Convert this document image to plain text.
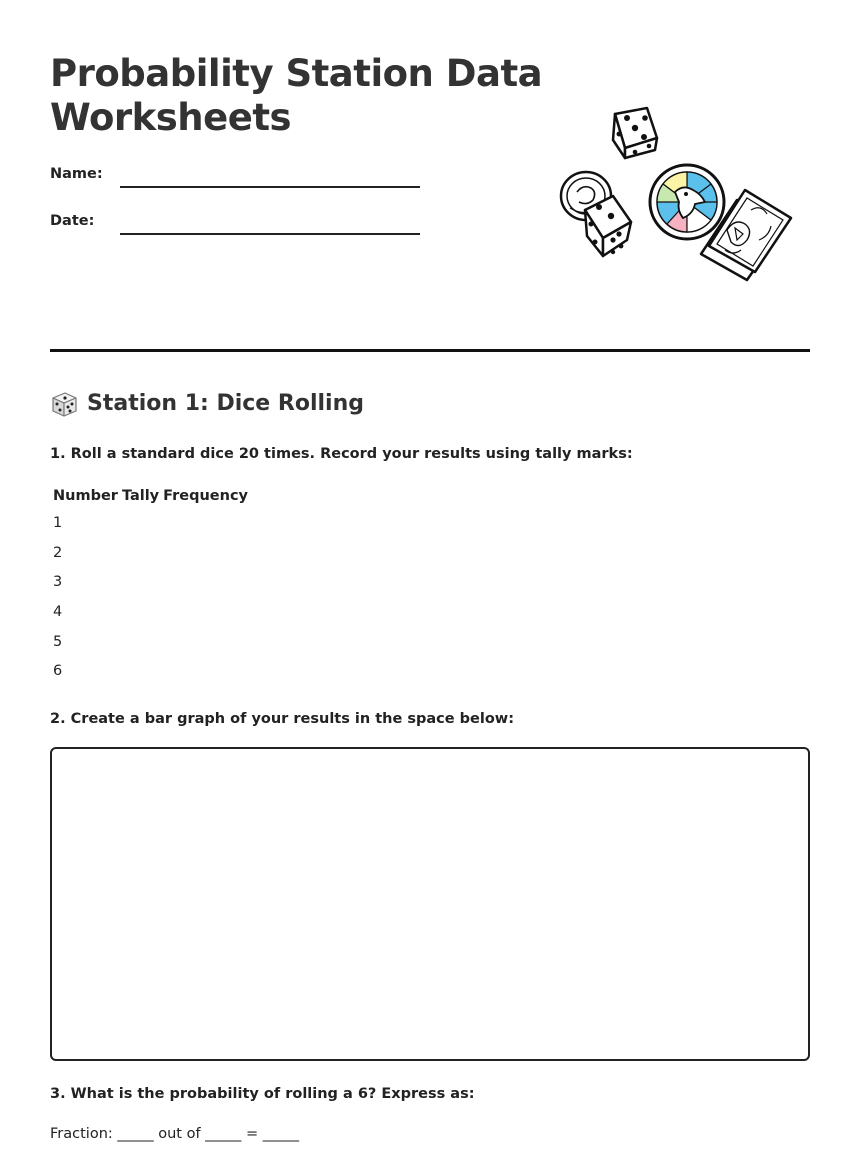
Probability Station Data
Worksheets
Name:
Date:
Station 1: Dice Rolling

1. Roll a standard dice 20 times. Record your results using tally marks:

Number	Tally	Frequency
1		
2		
3		
4		
5		
6		

2. Create a bar graph of your results in the space below:

3. What is the probability of rolling a 6? Express as:

Fraction: _____ out of _____ = _____
